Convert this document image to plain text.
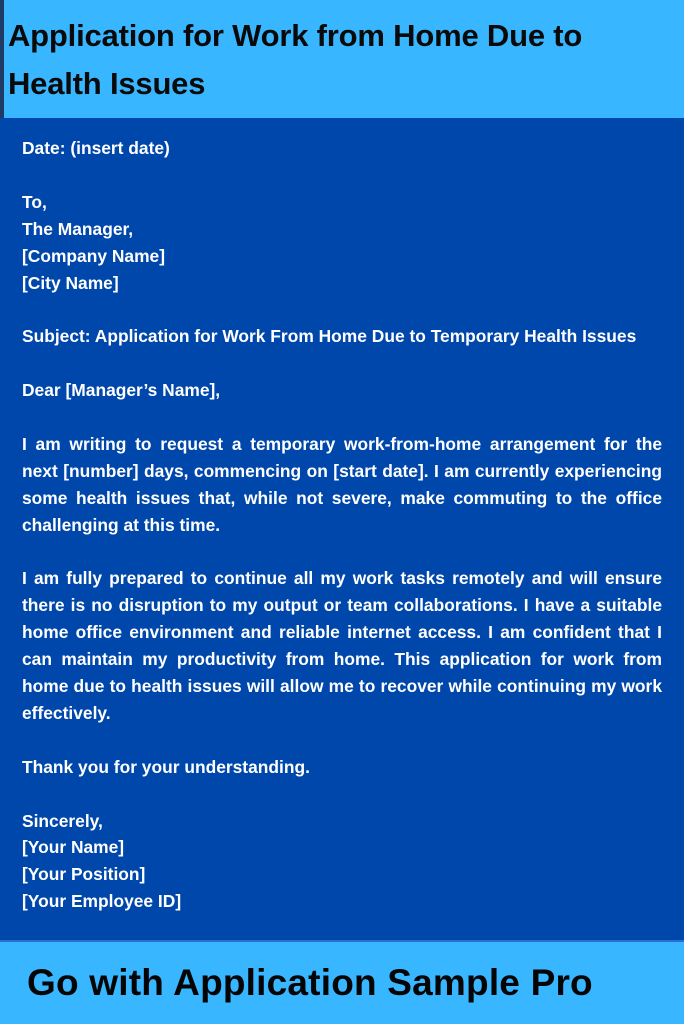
Application for Work from Home Due to Health Issues

Date: (insert date)

To,
The Manager,
[Company Name]
[City Name]

Subject: Application for Work From Home Due to Temporary Health Issues

Dear [Manager’s Name],

I am writing to request a temporary work-from-home arrangement for the next [number] days, commencing on [start date]. I am currently experiencing some health issues that, while not severe, make commuting to the office challenging at this time.

I am fully prepared to continue all my work tasks remotely and will ensure there is no disruption to my output or team collaborations. I have a suitable home office environment and reliable internet access. I am confident that I can maintain my productivity from home. This application for work from home due to health issues will allow me to recover while continuing my work effectively.

Thank you for your understanding.

Sincerely,
[Your Name]
[Your Position]
[Your Employee ID]

Go with Application Sample Pro
